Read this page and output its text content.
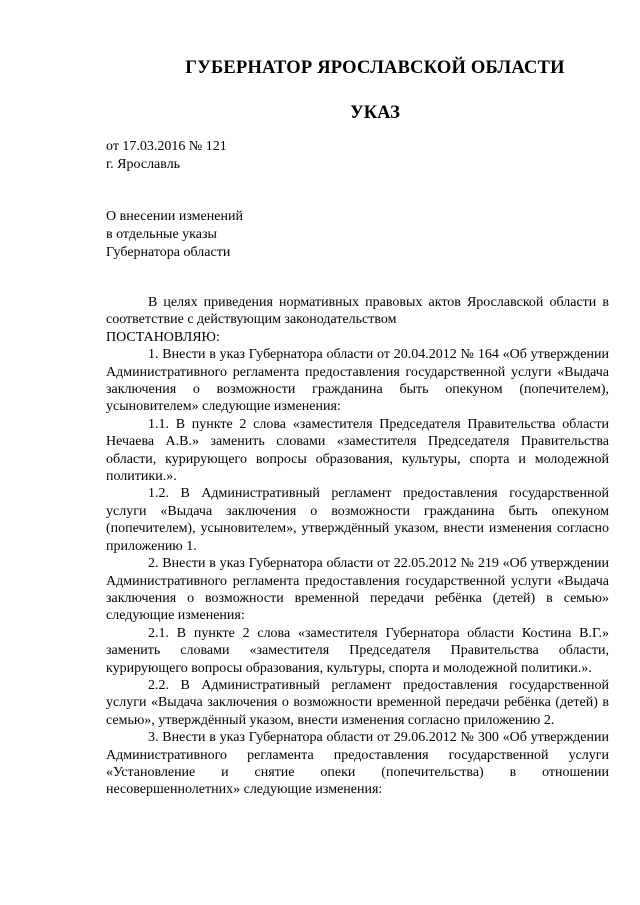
ГУБЕРНАТОР ЯРОСЛАВСКОЙ ОБЛАСТИ
УКАЗ
от 17.03.2016 № 121
г. Ярославль
О внесении изменений
в отдельные указы
Губернатора области

В целях приведения нормативных правовых актов Ярославской области в соответствие с действующим законодательством

ПОСТАНОВЛЯЮ:

1. Внести в указ Губернатора области от 20.04.2012 № 164 «Об утверждении Административного регламента предоставления государственной услуги «Выдача заключения о возможности гражданина быть опекуном (попечителем), усыновителем» следующие изменения:

1.1. В пункте 2 слова «заместителя Председателя Правительства области Нечаева А.В.» заменить словами «заместителя Председателя Правительства области, курирующего вопросы образования, культуры, спорта и молодежной политики.».

1.2. В Административный регламент предоставления государственной услуги «Выдача заключения о возможности гражданина быть опекуном (попечителем), усыновителем», утверждённый указом, внести изменения согласно приложению 1.

2. Внести в указ Губернатора области от 22.05.2012 № 219 «Об утверждении Административного регламента предоставления государственной услуги «Выдача заключения о возможности временной передачи ребёнка (детей) в семью» следующие изменения:

2.1. В пункте 2 слова «заместителя Губернатора области Костина В.Г.» заменить словами «заместителя Председателя Правительства области, курирующего вопросы образования, культуры, спорта и молодежной политики.».

2.2. В Административный регламент предоставления государственной услуги «Выдача заключения о возможности временной передачи ребёнка (детей) в семью», утверждённый указом, внести изменения согласно приложению 2.

3. Внести в указ Губернатора области от 29.06.2012 № 300 «Об утверждении Административного регламента предоставления государственной услуги «Установление и снятие опеки (попечительства) в отношении несовершеннолетних» следующие изменения:
